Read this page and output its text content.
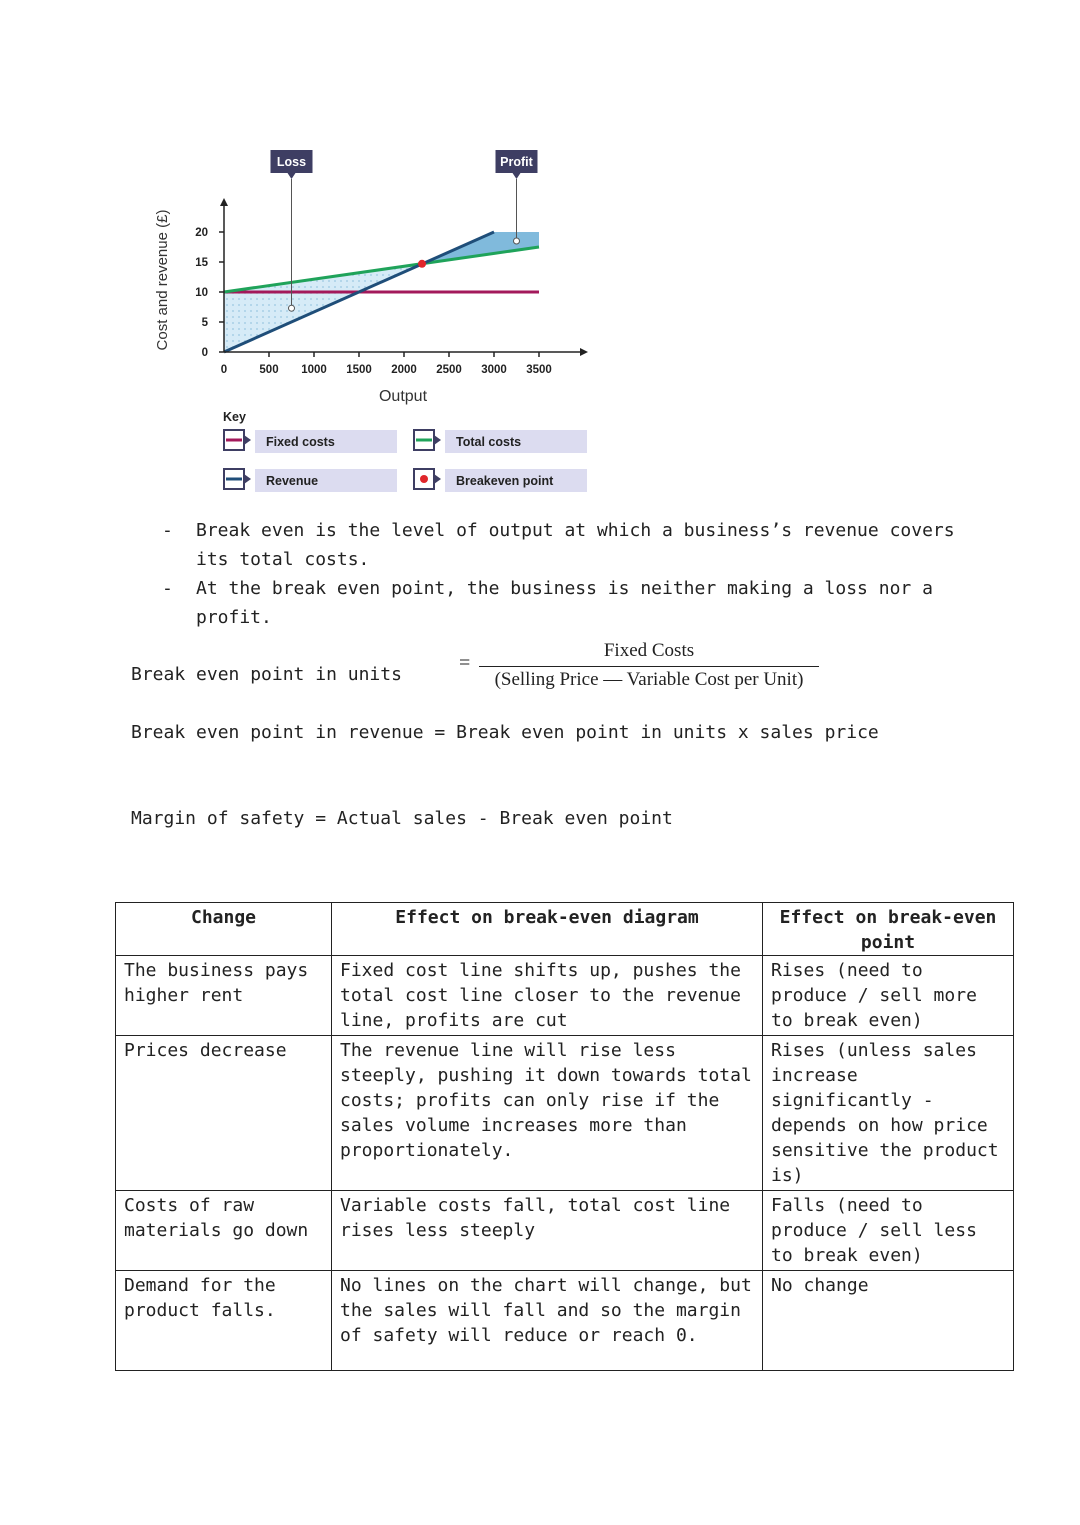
Cost and revenue (£)
Output
0	500 1000 1500 2000 2500 3000 3500
0
5
10
15
20
Loss	Profit
Key
Fixed costs	Total costs
Revenue	Breakeven point
-	Break even is the level of output at which a business’s revenue covers its total costs.
-	At the break even point, the business is neither making a loss nor a profit.
Break even point in units
=
Fixed Costs
(Selling Price — Variable Cost per Unit)
Break even point in revenue = Break even point in units x sales price
Margin of safety = Actual sales - Break even point
Change	Effect on break-even diagram	Effect on break-even point
The business pays higher rent	Fixed cost line shifts up, pushes the total cost line closer to the revenue line, profits are cut	Rises (need to produce / sell more to break even)
Prices decrease	The revenue line will rise less steeply, pushing it down towards total costs; profits can only rise if the sales volume increases more than proportionately.	Rises (unless sales increase significantly - depends on how price sensitive the product is)
Costs of raw materials go down	Variable costs fall, total cost line rises less steeply	Falls (need to produce / sell less to break even)
Demand for the product falls.	No lines on the chart will change, but the sales will fall and so the margin of safety will reduce or reach 0.	No change
